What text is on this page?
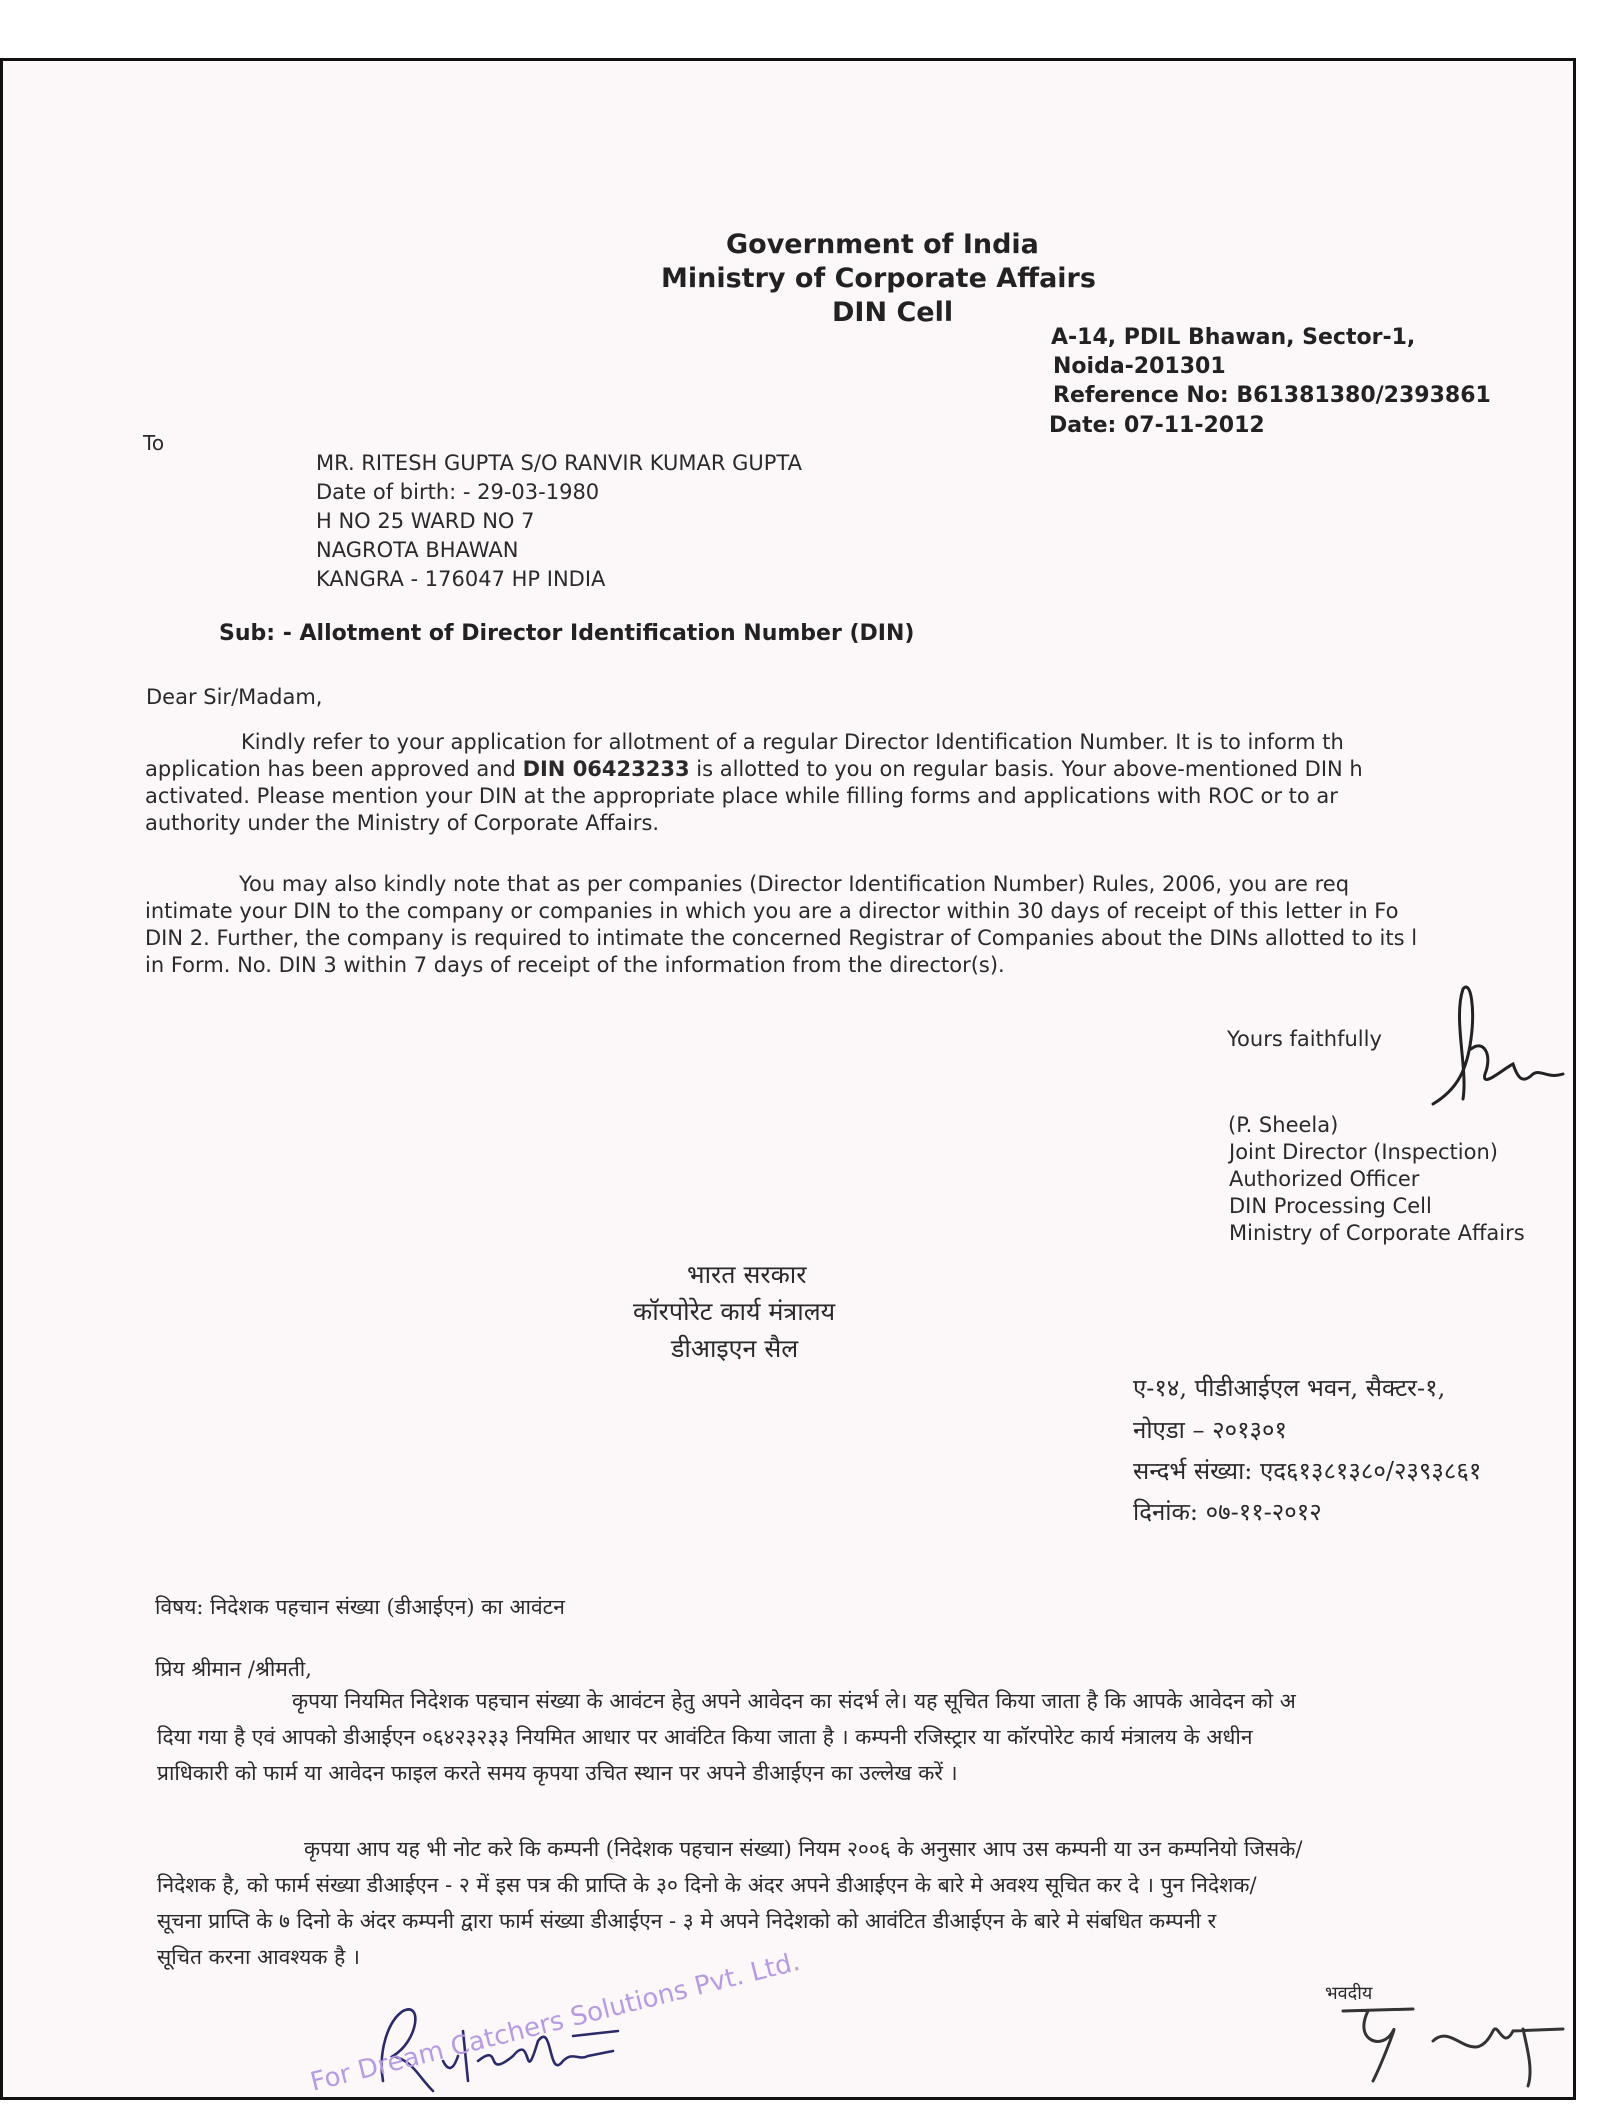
Government of India
Ministry of Corporate Affairs
DIN Cell
A-14, PDIL Bhawan, Sector-1,
Noida-201301
Reference No: B61381380/2393861
Date: 07-11-2012
To
MR. RITESH GUPTA S/O RANVIR KUMAR GUPTA
Date of birth: - 29-03-1980
H NO 25 WARD NO 7
NAGROTA BHAWAN
KANGRA - 176047 HP INDIA
Sub: - Allotment of Director Identification Number (DIN)
Dear Sir/Madam,
Kindly refer to your application for allotment of a regular Director Identification Number. It is to inform th
application has been approved and DIN 06423233 is allotted to you on regular basis. Your above-mentioned DIN h
activated. Please mention your DIN at the appropriate place while filling forms and applications with ROC or to ar
authority under the Ministry of Corporate Affairs.
You may also kindly note that as per companies (Director Identification Number) Rules, 2006, you are req
intimate your DIN to the company or companies in which you are a director within 30 days of receipt of this letter in Fo
DIN 2. Further, the company is required to intimate the concerned Registrar of Companies about the DINs allotted to its l
in Form. No. DIN 3 within 7 days of receipt of the information from the director(s).
Yours faithfully
(P. Sheela)
Joint Director (Inspection)
Authorized Officer
DIN Processing Cell
Ministry of Corporate Affairs
भारत सरकार
कॉरपोरेट कार्य मंत्रालय
डीआइएन सैल
ए-१४, पीडीआईएल भवन, सैक्टर-१,
नोएडा – २०१३०१
सन्दर्भ संख्या: एद६१३८१३८०/२३९३८६१
दिनांक: ०७-११-२०१२
विषय: निदेशक पहचान संख्या (डीआईएन) का आवंटन
प्रिय श्रीमान /श्रीमती,
कृपया नियमित निदेशक पहचान संख्या के आवंटन हेतु अपने आवेदन का संदर्भ ले। यह सूचित किया जाता है कि आपके आवेदन को अ
दिया गया है एवं आपको डीआईएन ०६४२३२३३ नियमित आधार पर आवंटित किया जाता है । कम्पनी रजिस्ट्रार या कॉरपोरेट कार्य मंत्रालय के अधीन
प्राधिकारी को फार्म या आवेदन फाइल करते समय कृपया उचित स्थान पर अपने डीआईएन का उल्लेख करें ।
कृपया आप यह भी नोट करे कि कम्पनी (निदेशक पहचान संख्या) नियम २००६ के अनुसार आप उस कम्पनी या उन कम्पनियो जिसके/
निदेशक है, को फार्म संख्या डीआईएन - २ में इस पत्र की प्राप्ति के ३० दिनो के अंदर अपने डीआईएन के बारे मे अवश्य सूचित कर दे । पुन निदेशक/
सूचना प्राप्ति के ७ दिनो के अंदर कम्पनी द्वारा फार्म संख्या डीआईएन - ३ मे अपने निदेशको को आवंटित डीआईएन के बारे मे संबधित कम्पनी र
सूचित करना आवश्यक है ।
भवदीय
For Dream Catchers Solutions Pvt. Ltd.
